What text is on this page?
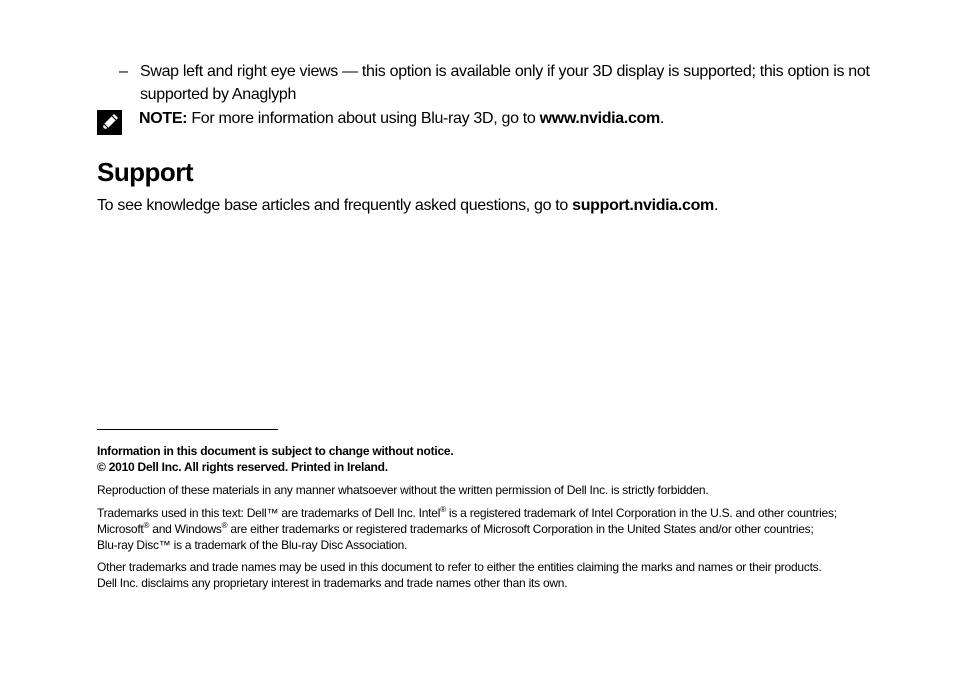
– Swap left and right eye views — this option is available only if your 3D display is supported; this option is not supported by Anaglyph
NOTE: For more information about using Blu-ray 3D, go to www.nvidia.com.
Support
To see knowledge base articles and frequently asked questions, go to support.nvidia.com.
Information in this document is subject to change without notice.
© 2010 Dell Inc. All rights reserved. Printed in Ireland.
Reproduction of these materials in any manner whatsoever without the written permission of Dell Inc. is strictly forbidden.
Trademarks used in this text: Dell™ are trademarks of Dell Inc. Intel® is a registered trademark of Intel Corporation in the U.S. and other countries;
Microsoft® and Windows® are either trademarks or registered trademarks of Microsoft Corporation in the United States and/or other countries;
Blu-ray Disc™ is a trademark of the Blu-ray Disc Association.
Other trademarks and trade names may be used in this document to refer to either the entities claiming the marks and names or their products.
Dell Inc. disclaims any proprietary interest in trademarks and trade names other than its own.
